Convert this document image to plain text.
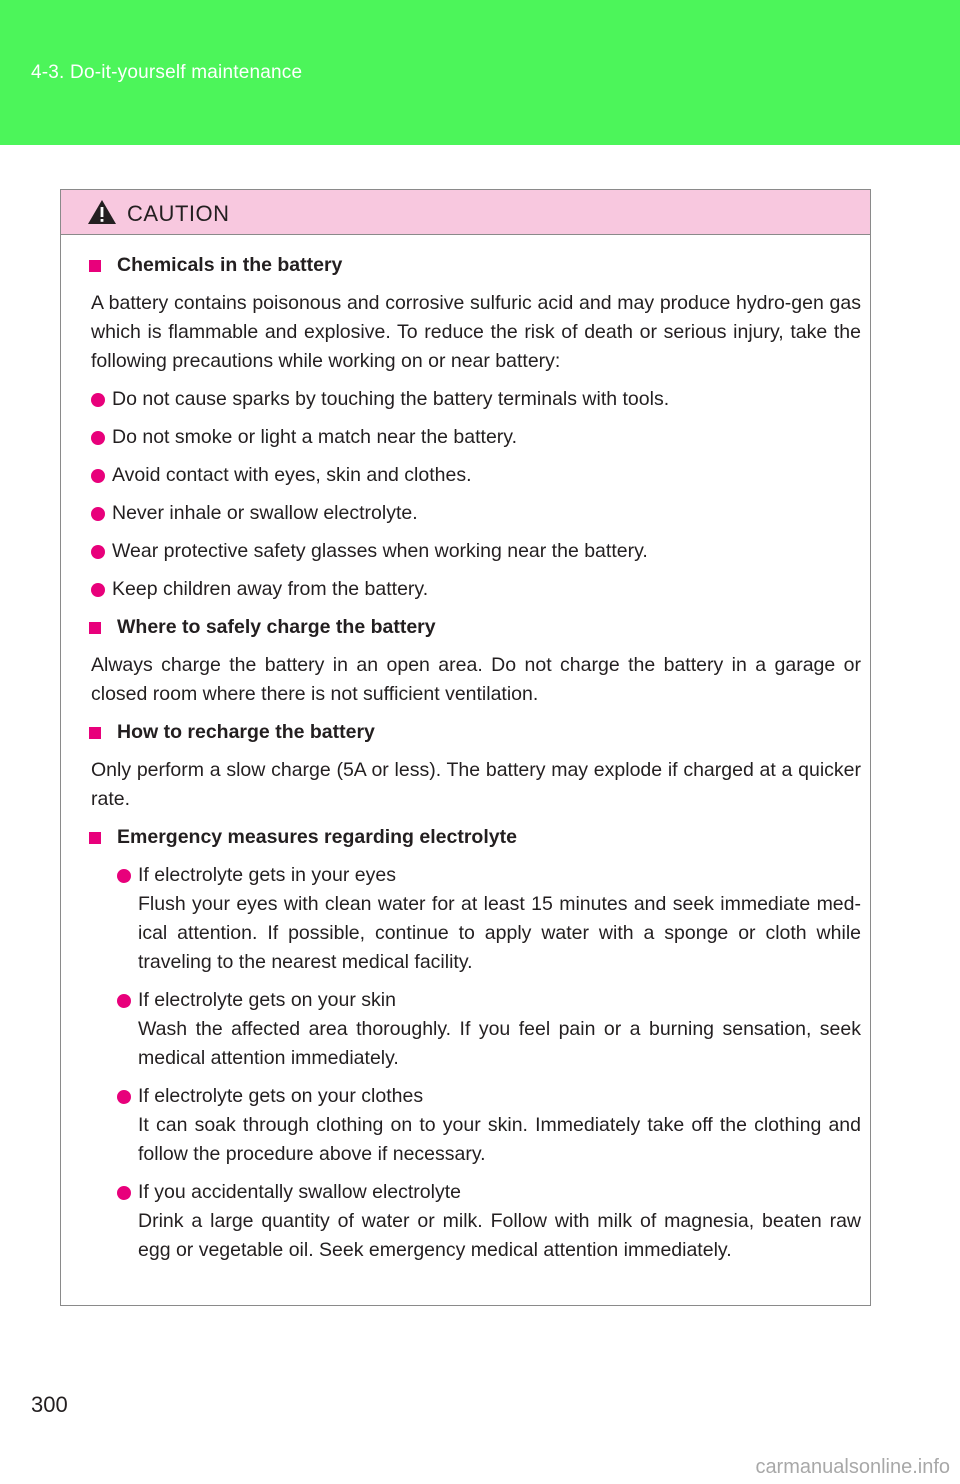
4-3. Do-it-yourself maintenance
CAUTION
Chemicals in the battery
A battery contains poisonous and corrosive sulfuric acid and may produce hydro-gen gas which is flammable and explosive. To reduce the risk of death or serious injury, take the following precautions while working on or near battery:
Do not cause sparks by touching the battery terminals with tools.
Do not smoke or light a match near the battery.
Avoid contact with eyes, skin and clothes.
Never inhale or swallow electrolyte.
Wear protective safety glasses when working near the battery.
Keep children away from the battery.
Where to safely charge the battery
Always charge the battery in an open area. Do not charge the battery in a garage or closed room where there is not sufficient ventilation.
How to recharge the battery
Only perform a slow charge (5A or less). The battery may explode if charged at a quicker rate.
Emergency measures regarding electrolyte
If electrolyte gets in your eyes
Flush your eyes with clean water for at least 15 minutes and seek immediate med-ical attention. If possible, continue to apply water with a sponge or cloth while traveling to the nearest medical facility.
If electrolyte gets on your skin
Wash the affected area thoroughly. If you feel pain or a burning sensation, seek medical attention immediately.
If electrolyte gets on your clothes
It can soak through clothing on to your skin. Immediately take off the clothing and follow the procedure above if necessary.
If you accidentally swallow electrolyte
Drink a large quantity of water or milk. Follow with milk of magnesia, beaten raw egg or vegetable oil. Seek emergency medical attention immediately.
300
carmanualsonline.info
